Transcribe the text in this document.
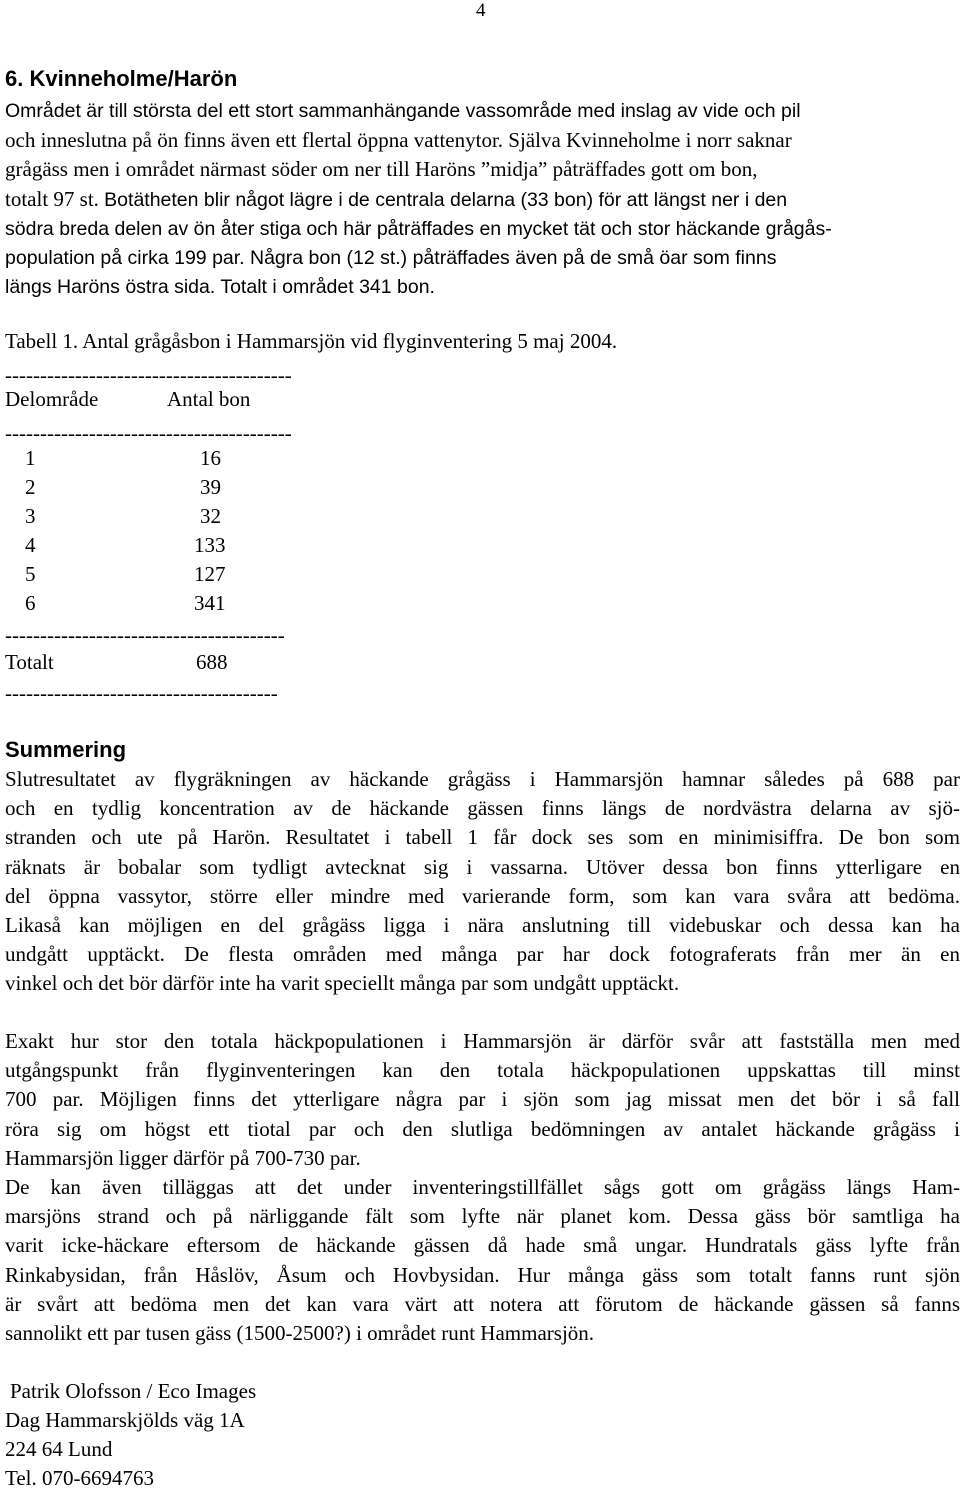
4
6. Kvinneholme/Harön
Området är till största del ett stort sammanhängande vassområde med inslag av vide och pil
och inneslutna på ön finns även ett flertal öppna vattenytor. Själva Kvinneholme i norr saknar
grågäss men i området närmast söder om ner till Haröns ”midja” påträffades gott om bon,
totalt 97 st. Botätheten blir något lägre i de centrala delarna (33 bon) för att längst ner i den
södra breda delen av ön åter stiga och här påträffades en mycket tät och stor häckande grågås-
population på cirka 199 par. Några bon (12 st.) påträffades även på de små öar som finns
längs Haröns östra sida. Totalt i området 341 bon.
Tabell 1. Antal grågåsbon i Hammarsjön vid flyginventering 5 maj 2004.
-----------------------------------------
Delområde	Antal bon
-----------------------------------------
1	16
2	39
3	32
4	133
5	127
6	341
----------------------------------------
Totalt	688
---------------------------------------
Summering
Slutresultatet av flygräkningen av häckande grågäss i Hammarsjön hamnar således på 688 par
och en tydlig koncentration av de häckande gässen finns längs de nordvästra delarna av sjö-
stranden och ute på Harön. Resultatet i tabell 1 får dock ses som en minimisiffra. De bon som
räknats är bobalar som tydligt avtecknat sig i vassarna. Utöver dessa bon finns ytterligare en
del öppna vassytor, större eller mindre med varierande form, som kan vara svåra att bedöma.
Likaså kan möjligen en del grågäss ligga i nära anslutning till videbuskar och dessa kan ha
undgått upptäckt. De flesta områden med många par har dock fotograferats från mer än en
vinkel och det bör därför inte ha varit speciellt många par som undgått upptäckt.
Exakt hur stor den totala häckpopulationen i Hammarsjön är därför svår att fastställa men med
utgångspunkt från flyginventeringen kan den totala häckpopulationen uppskattas till minst
700 par. Möjligen finns det ytterligare några par i sjön som jag missat men det bör i så fall
röra sig om högst ett tiotal par och den slutliga bedömningen av antalet häckande grågäss i
Hammarsjön ligger därför på 700-730 par.
De kan även tilläggas att det under inventeringstillfället sågs gott om grågäss längs Ham-
marsjöns strand och på närliggande fält som lyfte när planet kom. Dessa gäss bör samtliga ha
varit icke-häckare eftersom de häckande gässen då hade små ungar. Hundratals gäss lyfte från
Rinkabysidan, från Håslöv, Åsum och Hovbysidan. Hur många gäss som totalt fanns runt sjön
är svårt att bedöma men det kan vara värt att notera att förutom de häckande gässen så fanns
sannolikt ett par tusen gäss (1500-2500?) i området runt Hammarsjön.
Patrik Olofsson / Eco Images
Dag Hammarskjölds väg 1A
224 64 Lund
Tel. 070-6694763
